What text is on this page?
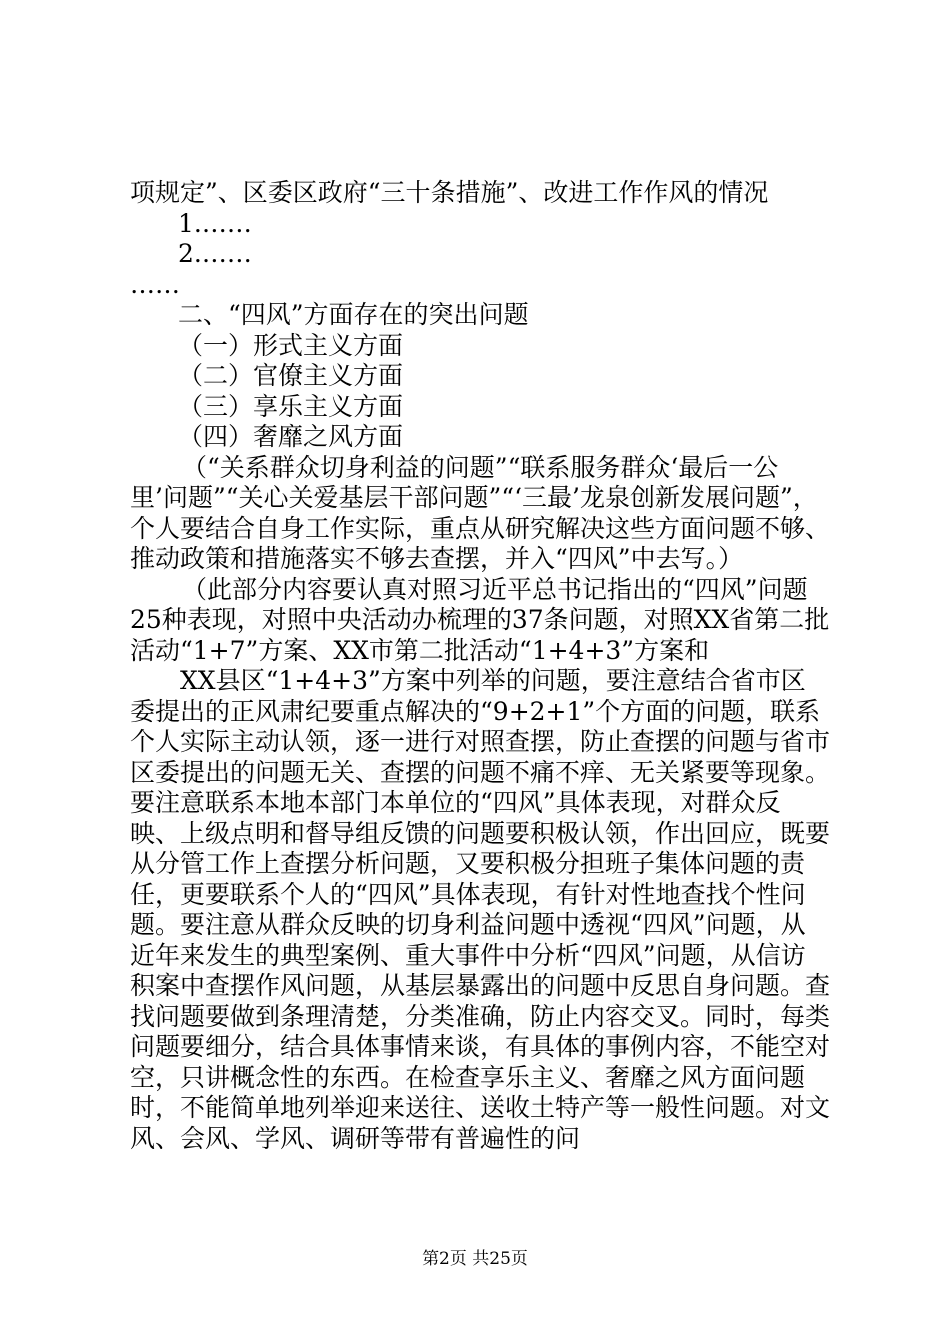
项规定”、区委区政府“三十条措施”、改进工作作风的情况

1.……

2.……

……

二、“四风”方面存在的突出问题

（一）形式主义方面

（二）官僚主义方面

（三）享乐主义方面

（四）奢靡之风方面

（“关系群众切身利益的问题”“联系服务群众‘最后一公里’问题”“关心关爱基层干部问题”“‘三最’龙泉创新发展问题”，个人要结合自身工作实际，重点从研究解决这些方面问题不够、推动政策和措施落实不够去查摆，并入“四风”中去写。）

（此部分内容要认真对照习近平总书记指出的“四风”问题25种表现，对照中央活动办梳理的37条问题，对照XX省第二批活动“1+7”方案、XX市第二批活动“1+4+3”方案和

XX县区“1+4+3”方案中列举的问题，要注意结合省市区委提出的正风肃纪要重点解决的“9+2+1”个方面的问题，联系个人实际主动认领，逐一进行对照查摆，防止查摆的问题与省市区委提出的问题无关、查摆的问题不痛不痒、无关紧要等现象。要注意联系本地本部门本单位的“四风”具体表现，对群众反映、上级点明和督导组反馈的问题要积极认领，作出回应，既要从分管工作上查摆分析问题，又要积极分担班子集体问题的责任，更要联系个人的“四风”具体表现，有针对性地查找个性问题。要注意从群众反映的切身利益问题中透视“四风”问题，从近年来发生的典型案例、重大事件中分析“四风”问题，从信访积案中查摆作风问题，从基层暴露出的问题中反思自身问题。查找问题要做到条理清楚，分类准确，防止内容交叉。同时，每类问题要细分，结合具体事情来谈，有具体的事例内容，不能空对空，只讲概念性的东西。在检查享乐主义、奢靡之风方面问题时，不能简单地列举迎来送往、送收土特产等一般性问题。对文风、会风、学风、调研等带有普遍性的问

第2页 共25页
